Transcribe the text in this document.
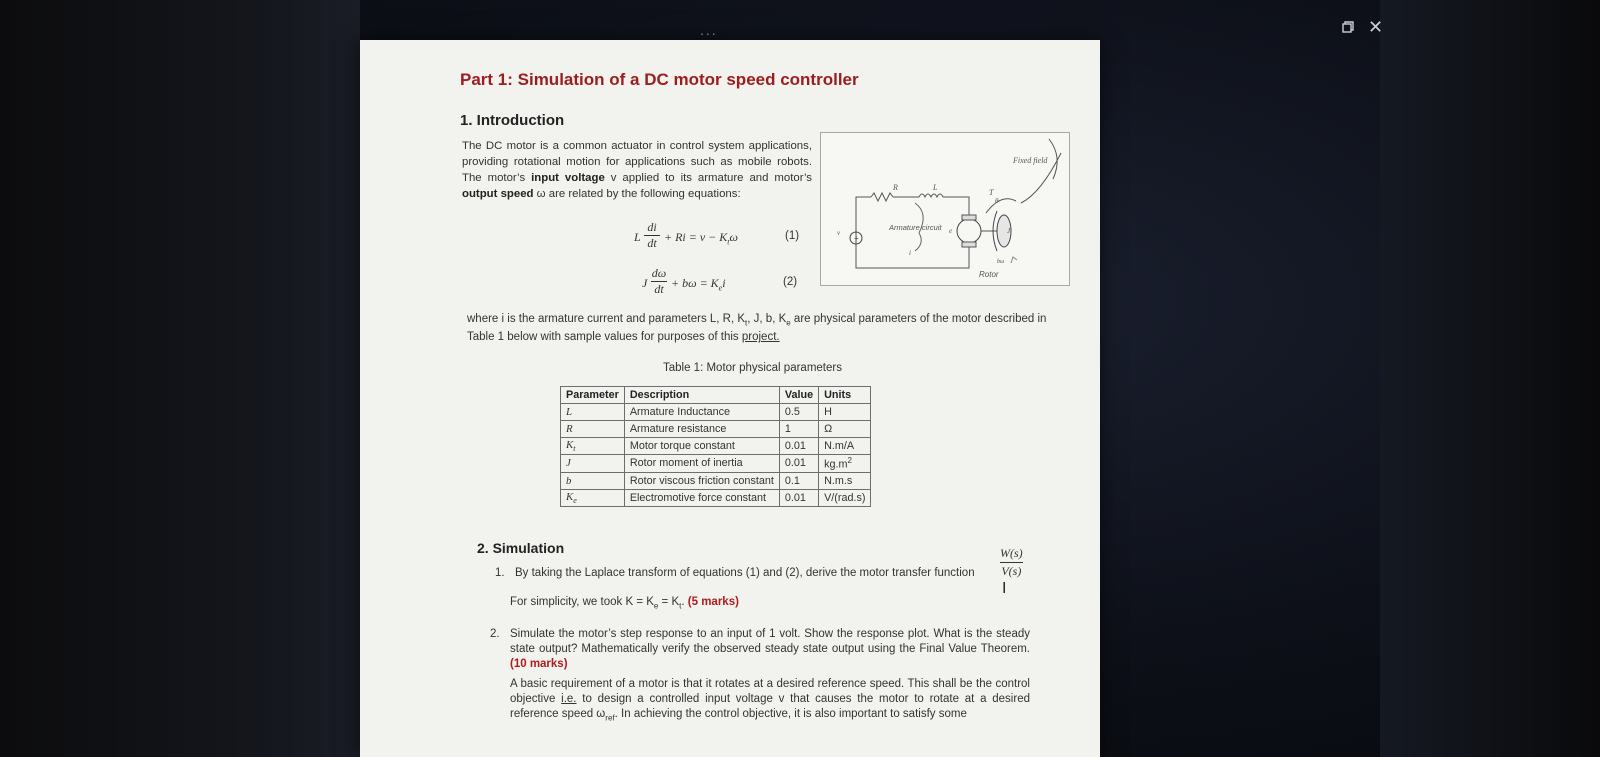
...	✕
Part 1: Simulation of a DC motor speed controller
1. Introduction
The DC motor is a common actuator in control system applications, providing rotational motion for applications such as mobile robots. The motor’s input voltage v applied to its armature and motor’s output speed ω are related by the following equations:
L
di
dt + $Ri = v - K_t\omega$	(1)
J
dω
dt + $b\omega = K_ei$	(2)
+
Fixed field
R	L
Armature circuit
i
v	e
T
θ
J
bω
Rotor
where i is the armature current and parameters L, R, $K_t$, J, b, $K_e$ are physical parameters of the motor described in Table 1 below with sample values for purposes of this project.
Table 1: Motor physical parameters
Parameter	Description	Value	Units
L	Armature Inductance	0.5	H
R	Armature resistance	1	Ω
$K_t$	Motor torque constant	0.01	N.m/A
J	Rotor moment of inertia	0.01	$kg.m^2$
b	Rotor viscous friction constant	0.1	N.m.s
$K_e$	Electromotive force constant	0.01	V/(rad.s)
2. Simulation
1. By taking the Laplace transform of equations (1) and (2), derive the motor transfer function
W(s)
V(s)
I
For simplicity, we took $K = K_e = K_t$. (5 marks)
2. Simulate the motor’s step response to an input of 1 volt. Show the response plot. What is the steady state output? Mathematically verify the observed steady state output using the Final Value Theorem. (10 marks)
A basic requirement of a motor is that it rotates at a desired reference speed. This shall be the control objective i.e. to design a controlled input voltage v that causes the motor to rotate at a desired reference speed $\omega_{ref}$. In achieving the control objective, it is also important to satisfy some
